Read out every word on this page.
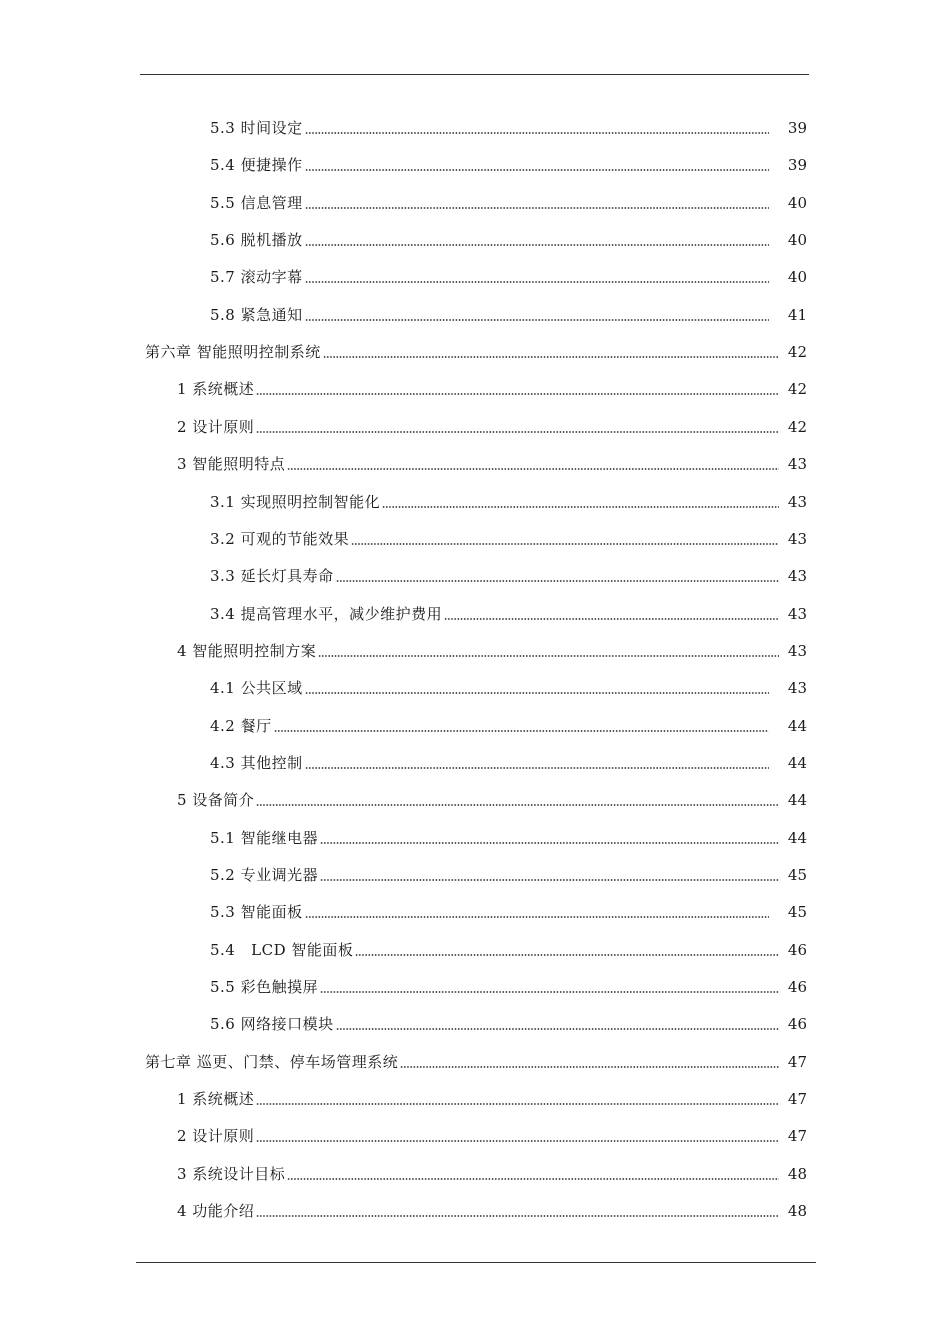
5.3 时间设定	39
5.4 便捷操作	39
5.5 信息管理	40
5.6 脱机播放	40
5.7 滚动字幕	40
5.8 紧急通知	41
第六章 智能照明控制系统	42
1 系统概述	42
2 设计原则	42
3 智能照明特点	43
3.1 实现照明控制智能化	43
3.2 可观的节能效果	43
3.3 延长灯具寿命	43
3.4 提高管理水平，减少维护费用	43
4 智能照明控制方案	43
4.1 公共区域	43
4.2 餐厅	44
4.3 其他控制	44
5 设备简介	44
5.1 智能继电器	44
5.2 专业调光器	45
5.3 智能面板	45
5.4   LCD 智能面板	46
5.5 彩色触摸屏	46
5.6 网络接口模块	46
第七章 巡更、门禁、停车场管理系统	47
1 系统概述	47
2 设计原则	47
3 系统设计目标	48
4 功能介绍	48
